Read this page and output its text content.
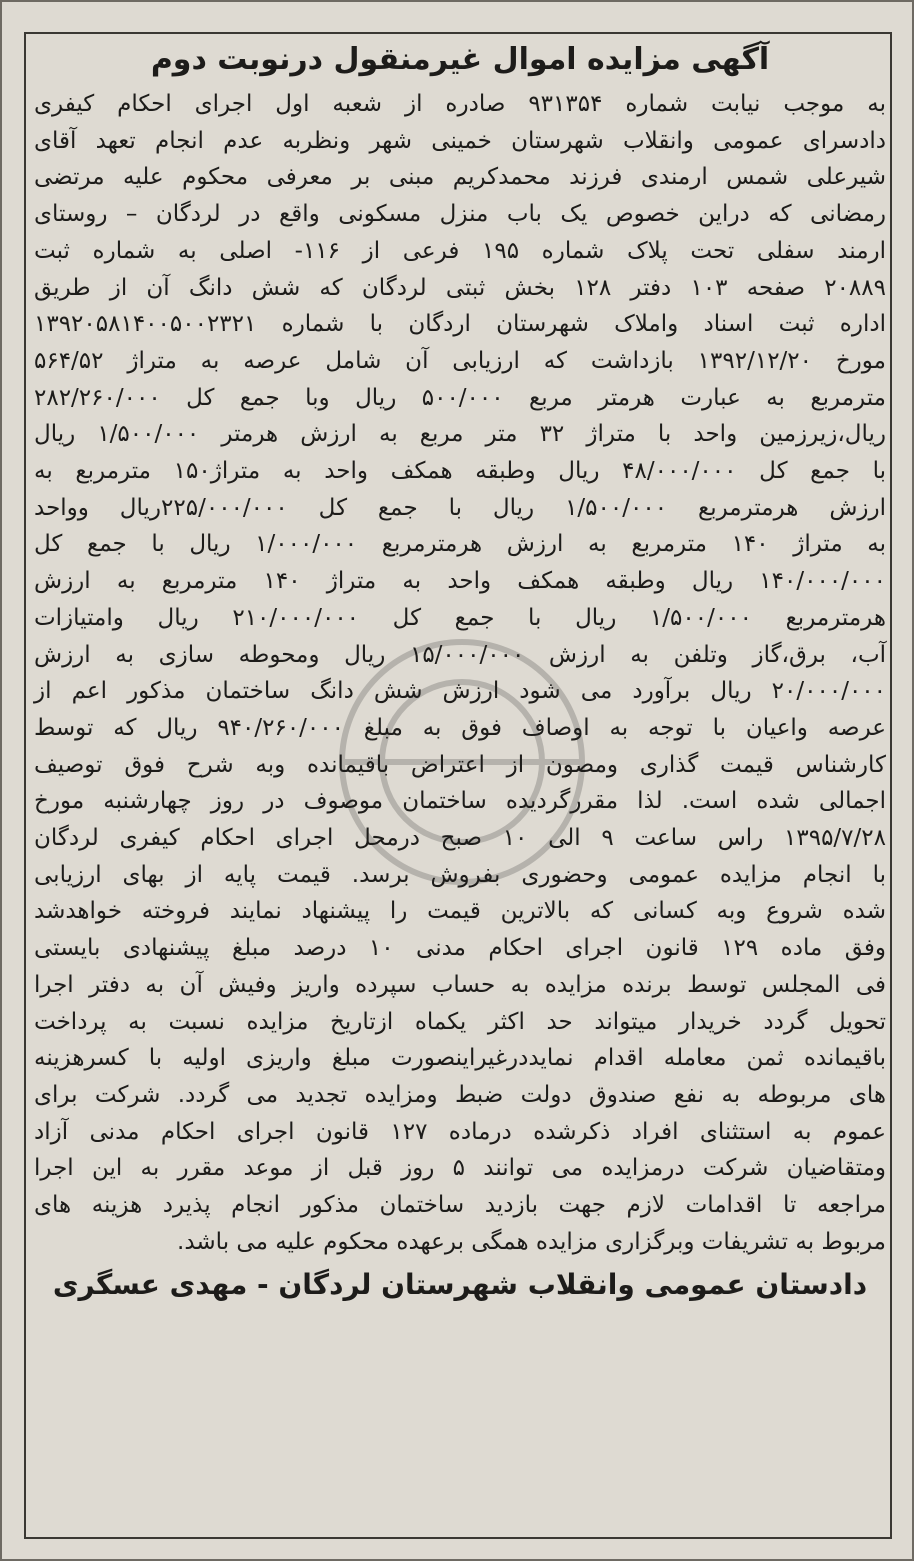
آگهی مزایده اموال غیرمنقول درنوبت دوم
به موجب نیابت شماره ۹۳۱۳۵۴ صادره از شعبه اول اجرای احکام کیفری
دادسرای عمومی وانقلاب شهرستان خمینی شهر ونظربه عدم انجام تعهد آقای
شیرعلی شمس ارمندی فرزند محمدکریم مبنی بر معرفی محکوم علیه مرتضی
رمضانی که دراین خصوص یک باب منزل مسکونی واقع در لردگان – روستای
ارمند سفلی تحت پلاک شماره ۱۹۵ فرعی از ۱۱۶- اصلی به شماره ثبت
۲۰۸۸۹ صفحه ۱۰۳ دفتر ۱۲۸ بخش ثبتی لردگان که شش دانگ آن از طریق
اداره ثبت اسناد واملاک شهرستان اردگان با شماره ۱۳۹۲۰۵۸۱۴۰۰۵۰۰۲۳۲۱
مورخ ۱۳۹۲/۱۲/۲۰ بازداشت که ارزیابی آن شامل عرصه به متراژ ۵۶۴/۵۲
مترمربع به عبارت هرمتر مربع ۵۰۰/۰۰۰ ریال وبا جمع کل ۲۸۲/۲۶۰/۰۰۰
ریال،زیرزمین واحد با متراژ ۳۲ متر مربع به ارزش هرمتر ۱/۵۰۰/۰۰۰ ریال
با جمع کل ۴۸/۰۰۰/۰۰۰ ریال وطبقه همکف واحد به متراژ۱۵۰ مترمربع به
ارزش هرمترمربع ۱/۵۰۰/۰۰۰ ریال با جمع کل ۲۲۵/۰۰۰/۰۰۰ریال وواحد
به متراژ ۱۴۰ مترمربع به ارزش هرمترمربع ۱/۰۰۰/۰۰۰ ریال با جمع کل
۱۴۰/۰۰۰/۰۰۰ ریال وطبقه همکف واحد به متراژ ۱۴۰ مترمربع به ارزش
هرمترمربع ۱/۵۰۰/۰۰۰ ریال با جمع کل ۲۱۰/۰۰۰/۰۰۰ ریال وامتیازات
آب، برق،گاز وتلفن به ارزش ۱۵/۰۰۰/۰۰۰ ریال ومحوطه سازی به ارزش
۲۰/۰۰۰/۰۰۰ ریال برآورد می شود ارزش شش دانگ ساختمان مذکور اعم از
عرصه واعیان با توجه به اوصاف فوق به مبلغ ۹۴۰/۲۶۰/۰۰۰ ریال که توسط
کارشناس قیمت گذاری ومصون از اعتراض باقیمانده وبه شرح فوق توصیف
اجمالی شده است. لذا مقررگردیده ساختمان موصوف در روز چهارشنبه مورخ
۱۳۹۵/۷/۲۸ راس ساعت ۹ الی ۱۰ صبح درمحل اجرای احکام کیفری لردگان
با انجام مزایده عمومی وحضوری بفروش برسد. قیمت پایه از بهای ارزیابی
شده شروع وبه کسانی که بالاترین قیمت را پیشنهاد نمایند فروخته خواهدشد
وفق ماده ۱۲۹ قانون اجرای احکام مدنی ۱۰ درصد مبلغ پیشنهادی بایستی
فی المجلس توسط برنده مزایده به حساب سپرده واریز وفیش آن به دفتر اجرا
تحویل گردد خریدار میتواند حد اکثر یکماه ازتاریخ مزایده نسبت به پرداخت
باقیمانده ثمن معامله اقدام نمایددرغیراینصورت مبلغ واریزی اولیه با کسرهزینه
های مربوطه به نفع صندوق دولت ضبط ومزایده تجدید می گردد. شرکت برای
عموم به استثنای افراد ذکرشده درماده ۱۲۷ قانون اجرای احکام مدنی آزاد
ومتقاضیان شرکت درمزایده می توانند ۵ روز قبل از موعد مقرر به این اجرا
مراجعه تا اقدامات لازم جهت بازدید ساختمان مذکور انجام پذیرد هزینه های
مربوط به تشریفات وبرگزاری مزایده همگی برعهده محکوم علیه می باشد.
دادستان عمومی وانقلاب شهرستان لردگان - مهدی عسگری
